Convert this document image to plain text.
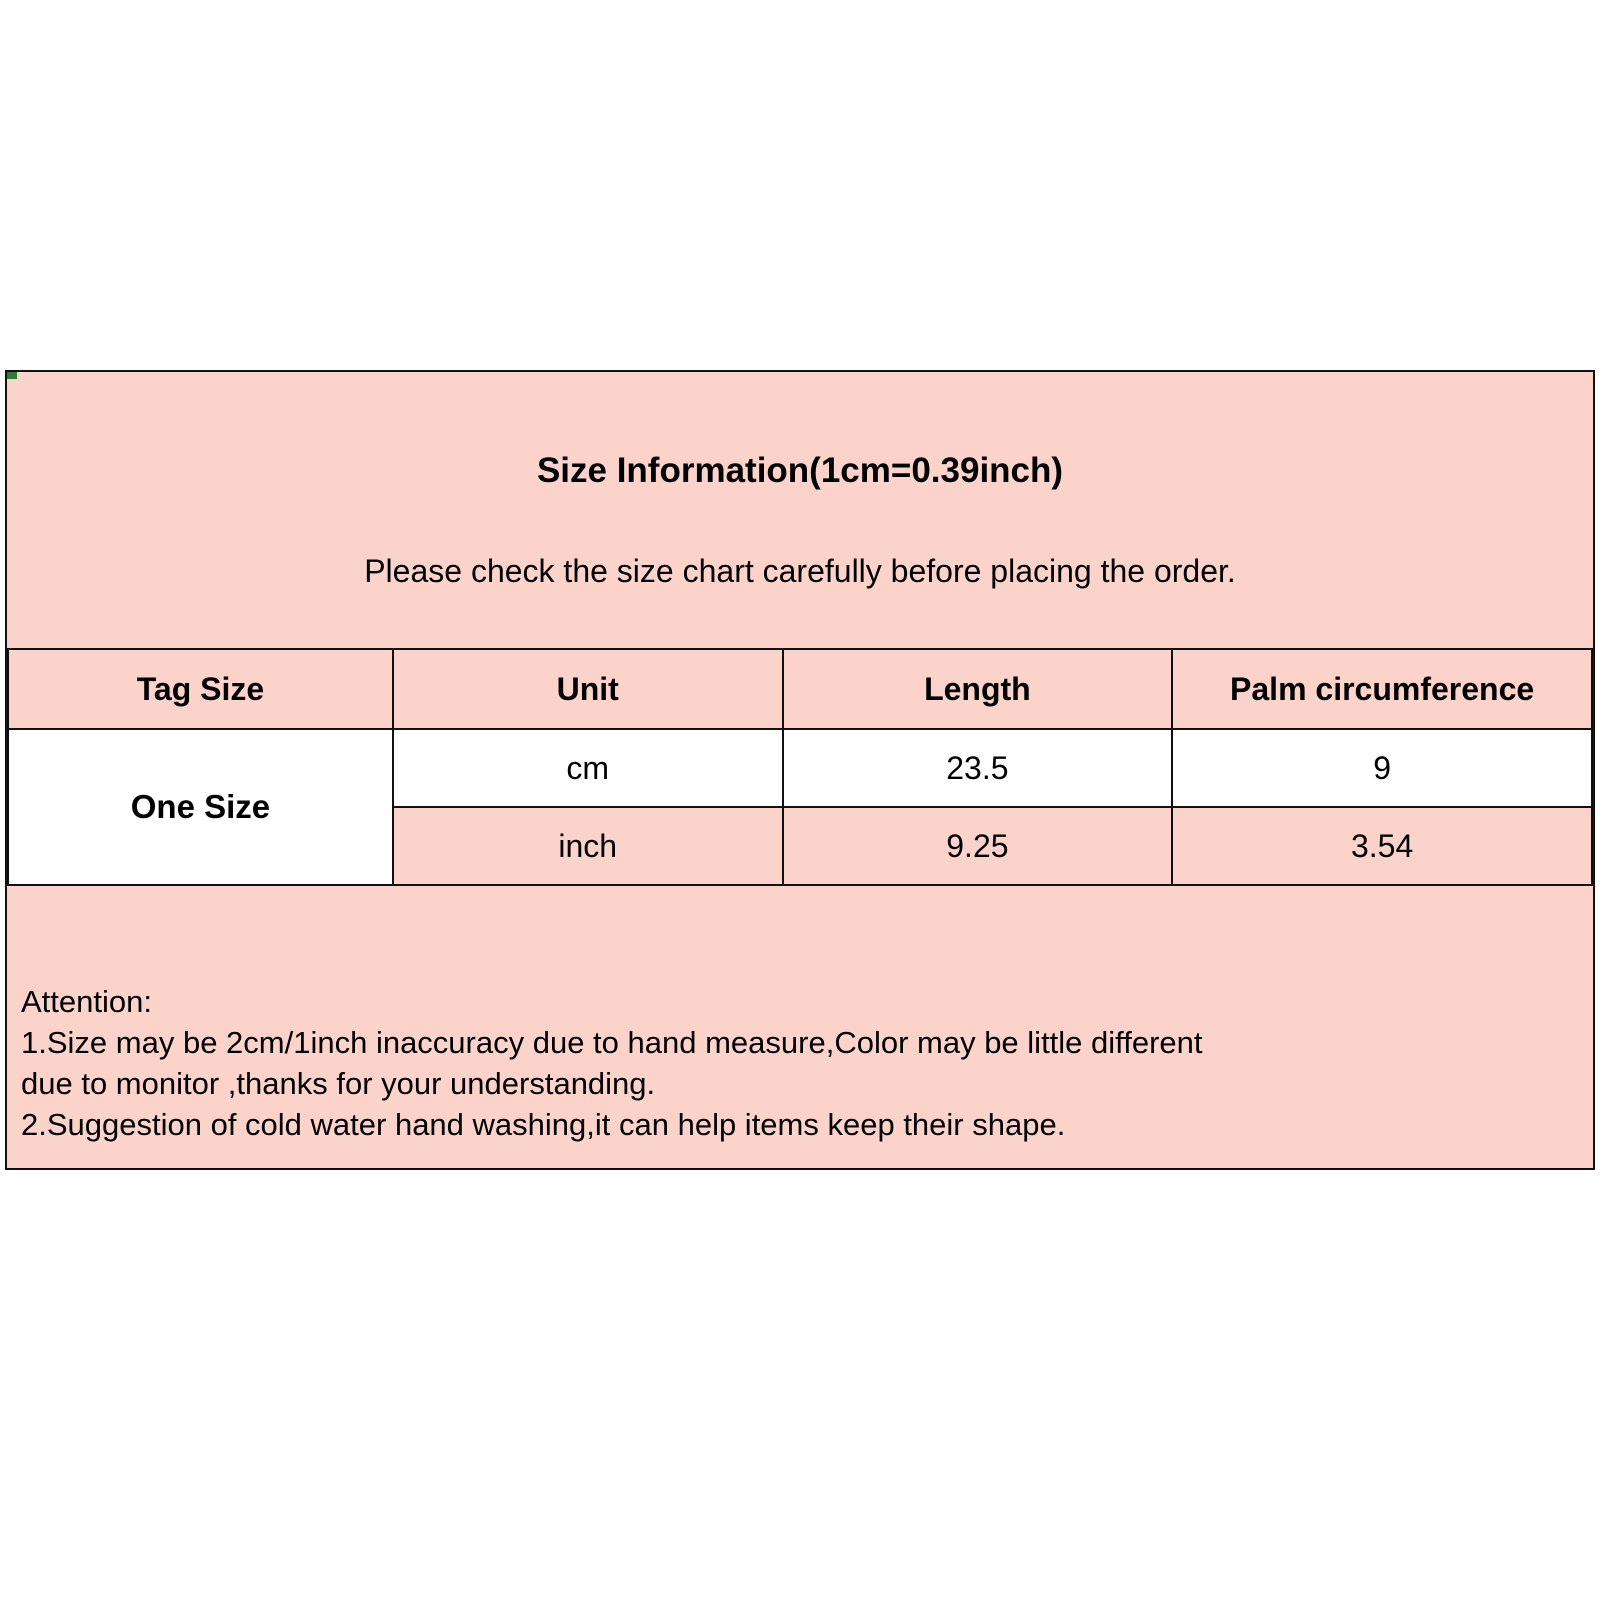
Size Information(1cm=0.39inch)
Please check the size chart carefully before placing the order.
Tag Size	Unit	Length	Palm circumference
One Size	cm	23.5	9
	inch	9.25	3.54

Attention:

1.Size may be 2cm/1inch inaccuracy due to hand measure,Color may be little different

due to monitor ,thanks for your understanding.

2.Suggestion of cold water hand washing,it can help items keep their shape.
